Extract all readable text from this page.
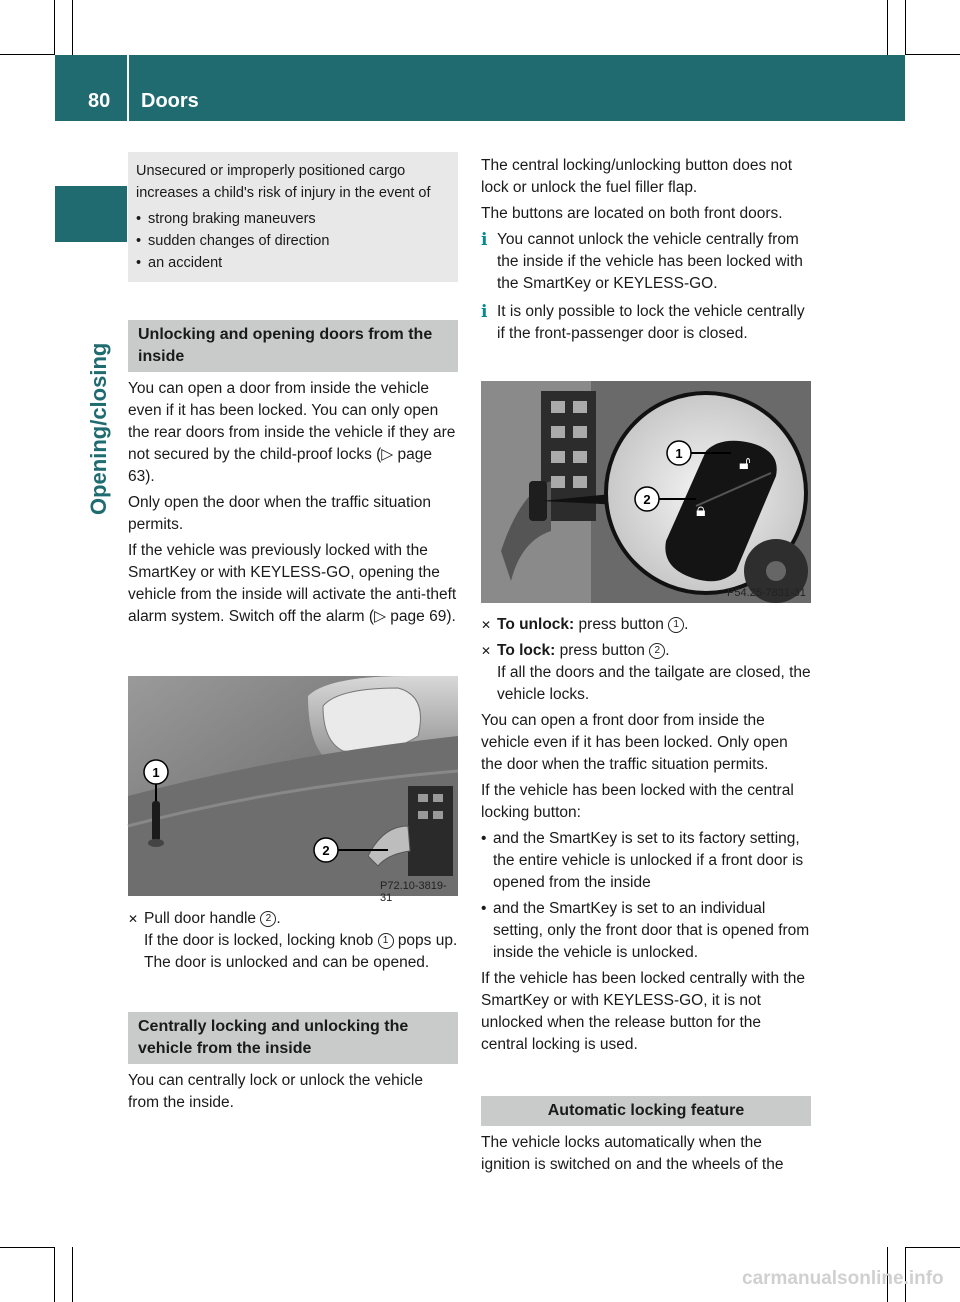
80 Doors
Opening/closing

Unsecured or improperly positioned cargo increases a child's risk of injury in the event of

• strong braking maneuvers
• sudden changes of direction
• an accident
Unlocking and opening doors from the inside

You can open a door from inside the vehicle even if it has been locked. You can only open the rear doors from inside the vehicle if they are not secured by the child-proof locks (▷ page 63).

Only open the door when the traffic situation permits.

If the vehicle was previously locked with the SmartKey or with KEYLESS-GO, opening the vehicle from the inside will activate the anti-theft alarm system. Switch off the alarm (▷ page 69).

1
2
P72.10-3819-31
✕ Pull door handle 2 .
If the door is locked, locking knob 1 pops up. The door is unlocked and can be opened.
Centrally locking and unlocking the vehicle from the inside

You can centrally lock or unlock the vehicle from the inside.

The central locking/unlocking button does not lock or unlock the fuel filler flap.

The buttons are located on both front doors.

i You cannot unlock the vehicle centrally from the inside if the vehicle has been locked with the SmartKey or KEYLESS-GO.
i It is only possible to lock the vehicle centrally if the front-passenger door is closed.
🔓︎
🔒︎
1
2
P54.25-7831-31
✕ To unlock: press button 1 .
✕ To lock: press button 2 .
If all the doors and the tailgate are closed, the vehicle locks.

You can open a front door from inside the vehicle even if it has been locked. Only open the door when the traffic situation permits.

If the vehicle has been locked with the central locking button:

• and the SmartKey is set to its factory setting, the entire vehicle is unlocked if a front door is opened from the inside
• and the SmartKey is set to an individual setting, only the front door that is opened from inside the vehicle is unlocked.

If the vehicle has been locked centrally with the SmartKey or with KEYLESS-GO, it is not unlocked when the release button for the central locking is used.

Automatic locking feature

The vehicle locks automatically when the ignition is switched on and the wheels of the

carmanualsonline.info
